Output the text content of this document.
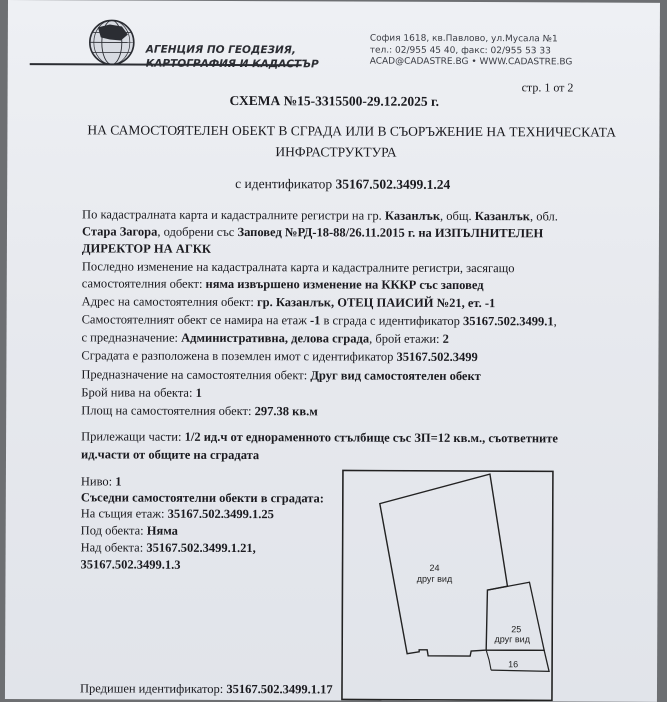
АГЕНЦИЯ ПО ГЕОДЕЗИЯ,
КАРТОГРАФИЯ И КАДАСТЪР
София 1618, кв.Павлово, ул.Мусала №1
тел.: 02/955 45 40, факс: 02/955 53 33
ACAD@CADASTRE.BG • WWW.CADASTRE.BG
стр. 1 от 2
СХЕМА №15-3315500-29.12.2025 г.
НА САМОСТОЯТЕЛЕН ОБЕКТ В СГРАДА ИЛИ В СЪОРЪЖЕНИЕ НА ТЕХНИЧЕСКАТА
ИНФРАСТРУКТУРА
с идентификатор 35167.502.3499.1.24
По кадастралната карта и кадастралните регистри на гр. Казанлък, общ. Казанлък, обл.
Стара Загора, одобрени със Заповед №РД-18-88/26.11.2015 г. на ИЗПЪЛНИТЕЛЕН
ДИРЕКТОР НА АГКК
Последно изменение на кадастралната карта и кадастралните регистри, засягащо
самостоятелния обект: няма извършено изменение на КККР със заповед
Адрес на самостоятелния обект: гр. Казанлък, ОТЕЦ ПАИСИЙ №21, ет. -1
Самостоятелният обект се намира на етаж -1 в сграда с идентификатор 35167.502.3499.1,
с предназначение: Административна, делова сграда, брой етажи: 2
Сградата е разположена в поземлен имот с идентификатор 35167.502.3499
Предназначение на самостоятелния обект: Друг вид самостоятелен обект
Брой нива на обекта: 1
Площ на самостоятелния обект: 297.38 кв.м
Прилежащи части: 1/2 ид.ч от еднораменното стълбище със ЗП=12 кв.м., съответните
ид.части от общите на сградата
Ниво: 1
Съседни самостоятелни обекти в сградата:
На същия етаж: 35167.502.3499.1.25
Под обекта: Няма
Над обекта: 35167.502.3499.1.21,
35167.502.3499.1.3
Предишен идентификатор: 35167.502.3499.1.17
24
друг вид
25
друг вид
16
